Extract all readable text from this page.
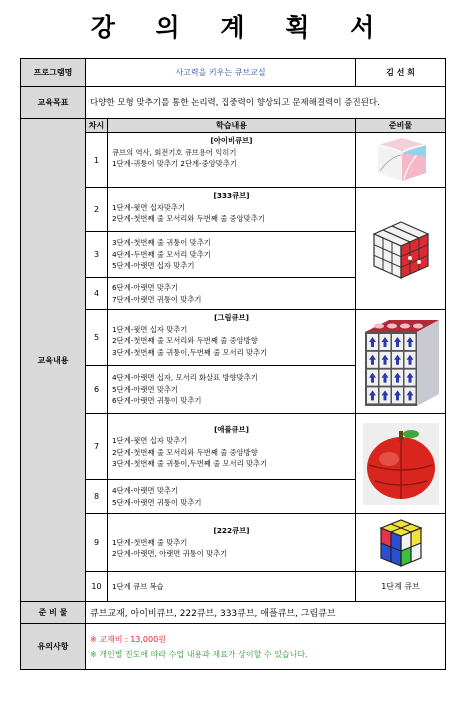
강 의 계 획 서
프로그램명	사고력을 키우는 큐브교실		김 선 희
교육목표	다양한 모형 맞추기를 통한 논리력, 집중력이 향상되고 문제해결력이 증진된다.		
교육내용	차시	학습내용	준비물
	1	[아이비큐브]
큐브의 역사, 회전기호 큐브용어 익히기
1단계-귀퉁이 맞추기 2단계-중앙맞추기

	2	[333큐브]
1단계-윗면 십자맞추기
2단계-첫번째 줄 모서리와 두번째 줄 중앙맞추기

	3	3단계-첫번째 줄 귀퉁이 맞추기
4단계-두번째 줄 모서리 맞추기
5단계-아랫면 십자 맞추기	

	4	6단계-아랫면 맞추기
7단계-아랫면 귀퉁이 맞추기	

	5	[그림큐브]
1단계-윗면 십자 맞추기
2단계-첫번째 줄 모서리와 두번째 줄 중앙방향
3단계-첫번째 줄 귀퉁이,두번째 줄 모서리 맞추기

	6	4단계-아랫면 십자, 모서리 화살표 방향맞추기
5단계-아랫면 맞추기
6단계-아랫면 귀퉁이 맞추기	

	7	[애플큐브]
1단계-윗면 십자 맞추기
2단계-첫번째 줄 모서리와 두번째 줄 중앙방향
3단계-첫번째 줄 귀퉁이,두번째 줄 모서리 맞추기

	8	4단계-아랫면 맞추기
5단계-아랫면 귀퉁이 맞추기	

	9	[222큐브]
1단계-첫번째 줄 맞추기
2단계-아랫면, 아랫면 귀퉁이 맞추기

	10	1단계 큐브 복습	1단계 큐브
준 비 물	큐브교재, 아이비큐브, 222큐브, 333큐브, 애플큐브, 그림큐브		
유의사항	※ 교재비 : 13,000원
※ 개인별 진도에 따라 수업 내용과 재료가 상이할 수 있습니다.		
